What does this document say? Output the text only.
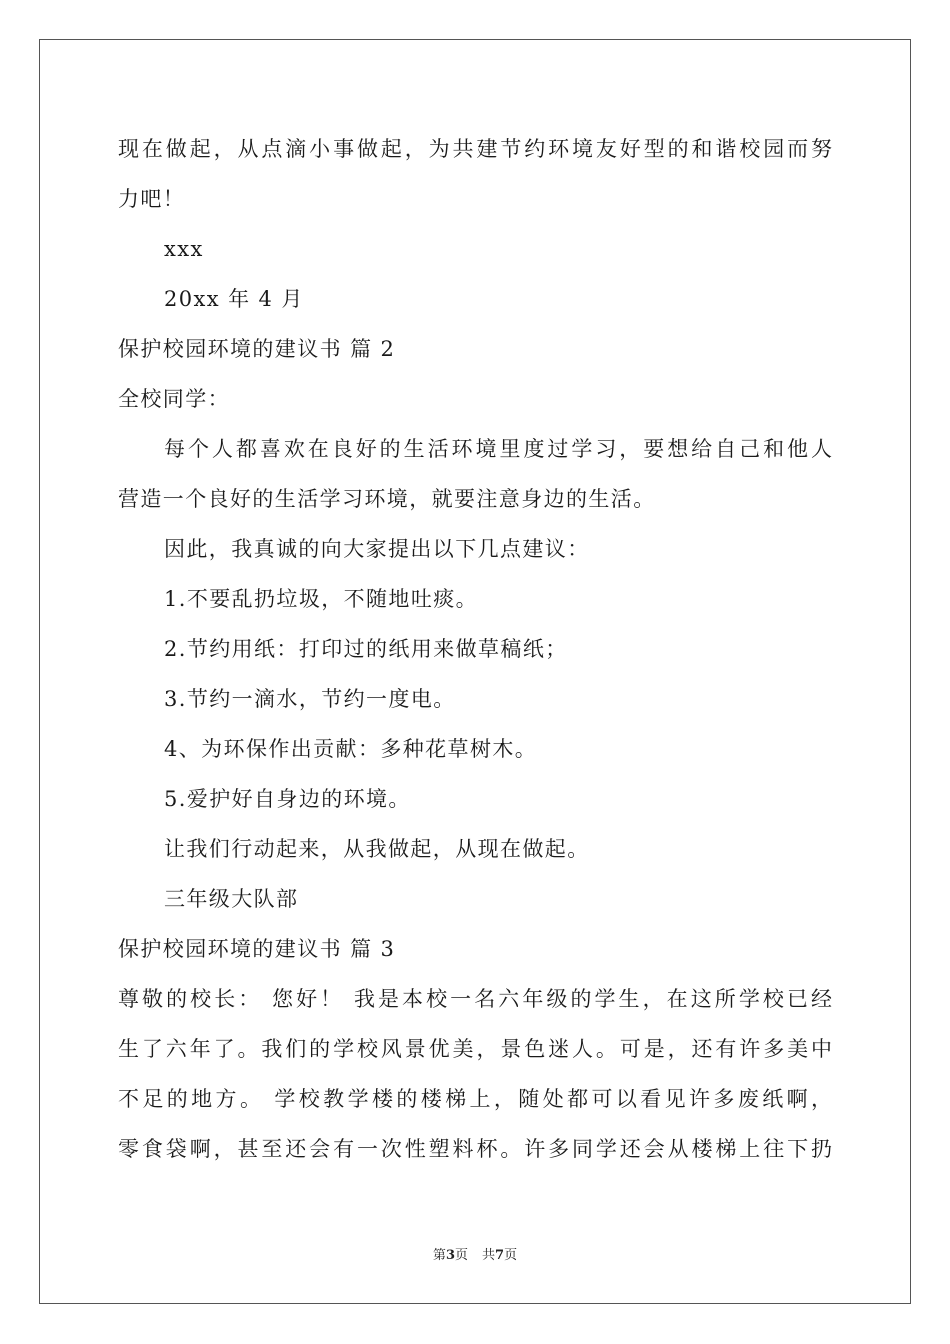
现在做起，从点滴小事做起，为共建节约环境友好型的和谐校园而努
力吧！
xxx
20xx 年 4 月
保护校园环境的建议书 篇 2
全校同学：
每个人都喜欢在良好的生活环境里度过学习，要想给自己和他人
营造一个良好的生活学习环境，就要注意身边的生活。
因此，我真诚的向大家提出以下几点建议：
1.不要乱扔垃圾，不随地吐痰。
2.节约用纸：打印过的纸用来做草稿纸；
3.节约一滴水，节约一度电。
4、为环保作出贡献：多种花草树木。
5.爱护好自身边的环境。
让我们行动起来，从我做起，从现在做起。
三年级大队部
保护校园环境的建议书 篇 3
尊敬的校长： 您好！ 我是本校一名六年级的学生，在这所学校已经
生了六年了。我们的学校风景优美，景色迷人。可是，还有许多美中
不足的地方。 学校教学楼的楼梯上，随处都可以看见许多废纸啊，
零食袋啊，甚至还会有一次性塑料杯。许多同学还会从楼梯上往下扔
第3页 共7页
